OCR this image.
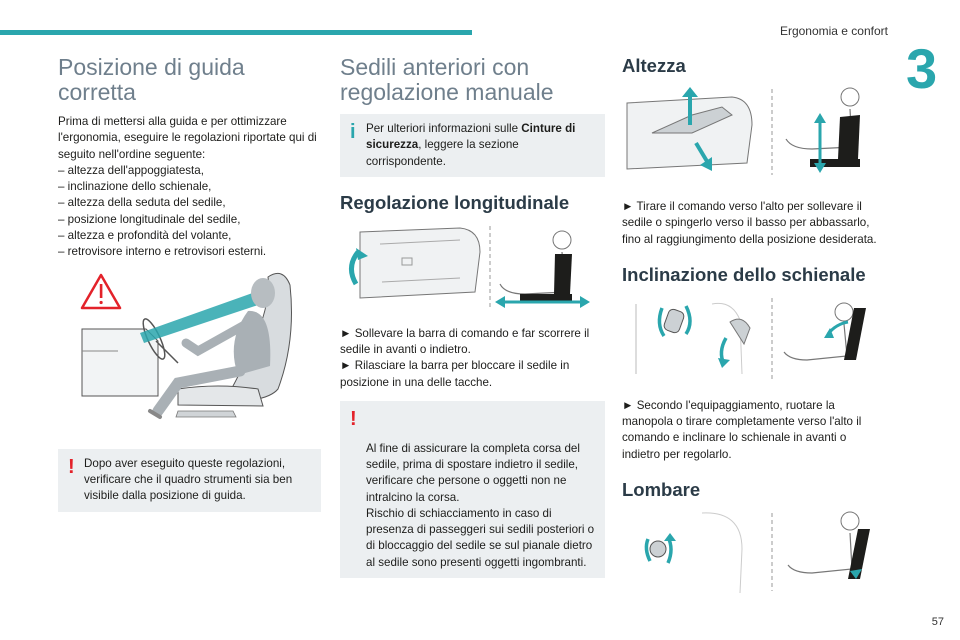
Ergonomia e confort
3
Posizione di guida corretta

Prima di mettersi alla guida e per ottimizzare l'ergonomia, eseguire le regolazioni riportate qui di seguito nell'ordine seguente:

– altezza dell'appoggiatesta,

– inclinazione dello schienale,

– altezza della seduta del sedile,

– posizione longitudinale del sedile,

– altezza e profondità del volante,

– retrovisore interno e retrovisori esterni.

! Dopo aver eseguito queste regolazioni, verificare che il quadro strumenti sia ben visibile dalla posizione di guida.
Sedili anteriori con regolazione manuale
i Per ulteriori informazioni sulle Cinture di sicurezza, leggere la sezione corrispondente.
Regolazione longitudinale

► Sollevare la barra di comando e far scorrere il sedile in avanti o indietro.

► Rilasciare la barra per bloccare il sedile in posizione in una delle tacche.

!

Al fine di assicurare la completa corsa del sedile, prima di spostare indietro il sedile, verificare che persone o oggetti non ne intralcino la corsa.
Rischio di schiacciamento in caso di presenza di passeggeri sui sedili posteriori o di bloccaggio del sedile se sul pianale dietro al sedile sono presenti oggetti ingombranti.

Altezza
► Tirare il comando verso l'alto per sollevare il sedile o spingerlo verso il basso per abbassarlo, fino al raggiungimento della posizione desiderata.
Inclinazione dello schienale
► Secondo l'equipaggiamento, ruotare la manopola o tirare completamente verso l'alto il comando e inclinare lo schienale in avanti o indietro per regolarlo.
Lombare
57
